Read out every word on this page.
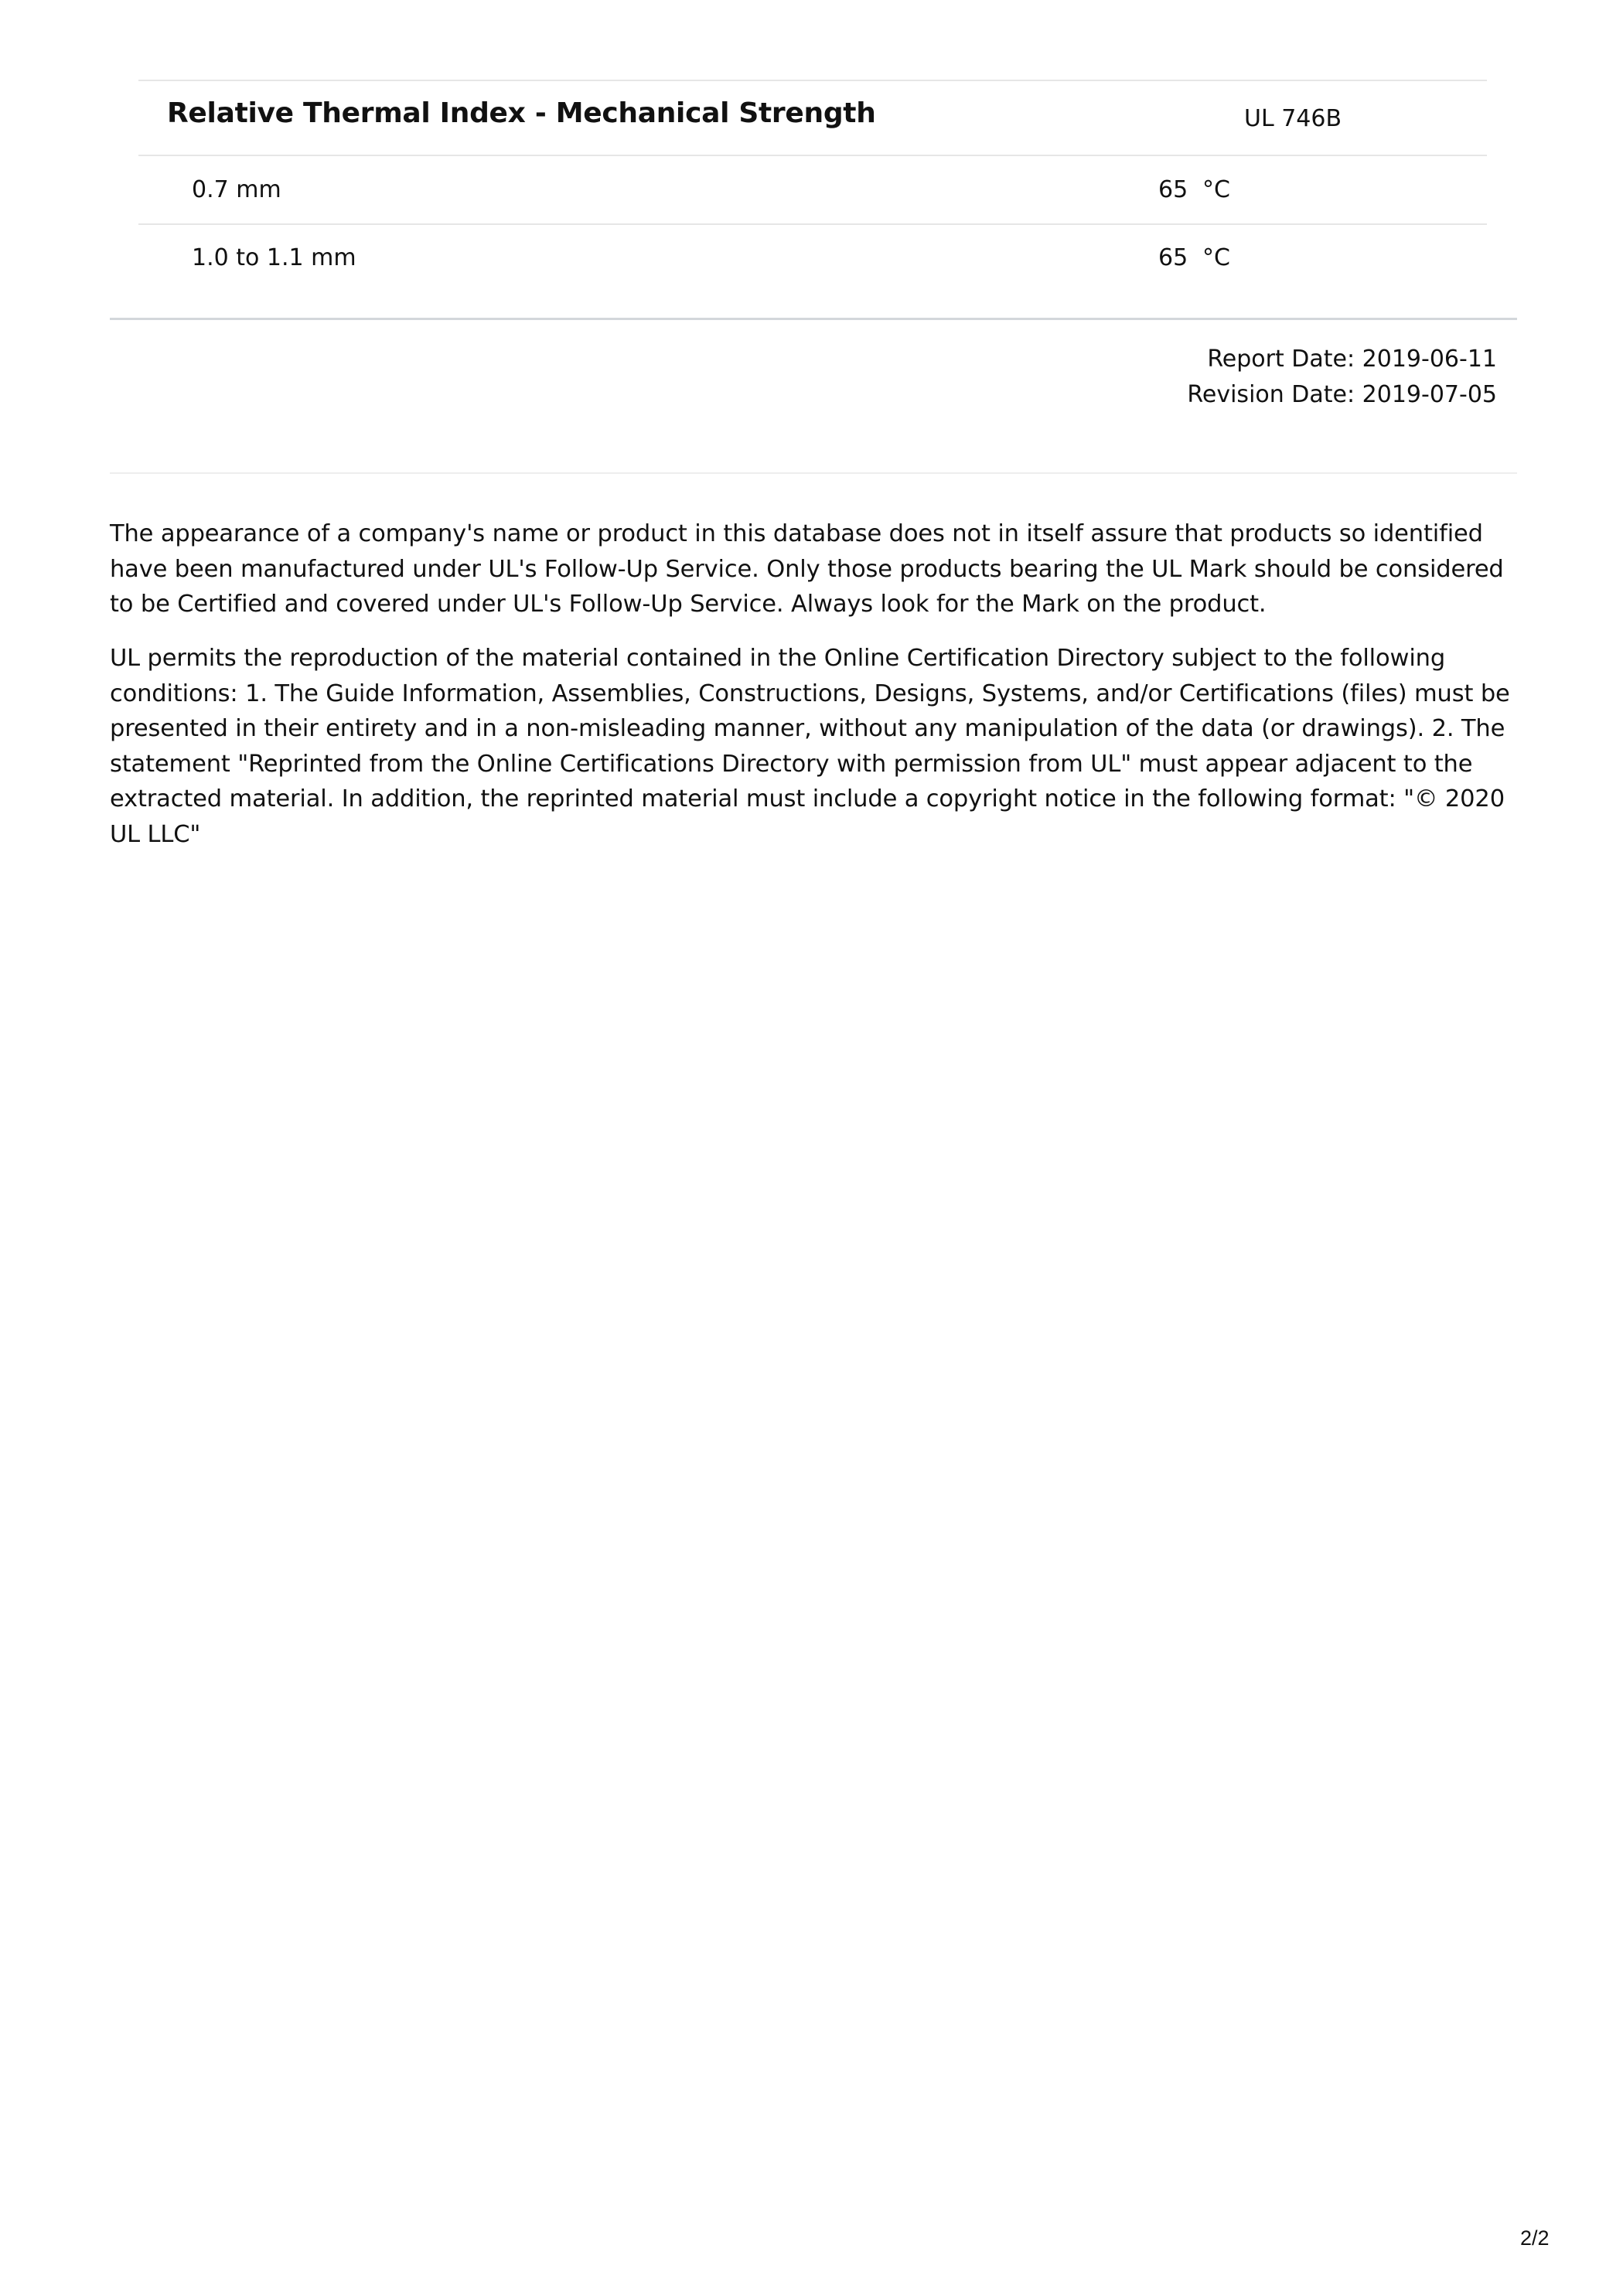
Relative Thermal Index - Mechanical Strength	UL 746B
0.7 mm	65 °C
1.0 to 1.1 mm	65 °C
Report Date: 2019-06-11
Revision Date: 2019-07-05

The appearance of a company's name or product in this database does not in itself assure that products so identified have been manufactured under UL's Follow-Up Service. Only those products bearing the UL Mark should be considered to be Certified and covered under UL's Follow-Up Service. Always look for the Mark on the product.

UL permits the reproduction of the material contained in the Online Certification Directory subject to the following conditions: 1. The Guide Information, Assemblies, Constructions, Designs, Systems, and/or Certifications (files) must be presented in their entirety and in a non-misleading manner, without any manipulation of the data (or drawings). 2. The statement "Reprinted from the Online Certifications Directory with permission from UL" must appear adjacent to the extracted material. In addition, the reprinted material must include a copyright notice in the following format: "© 2020 UL LLC"

2/2
